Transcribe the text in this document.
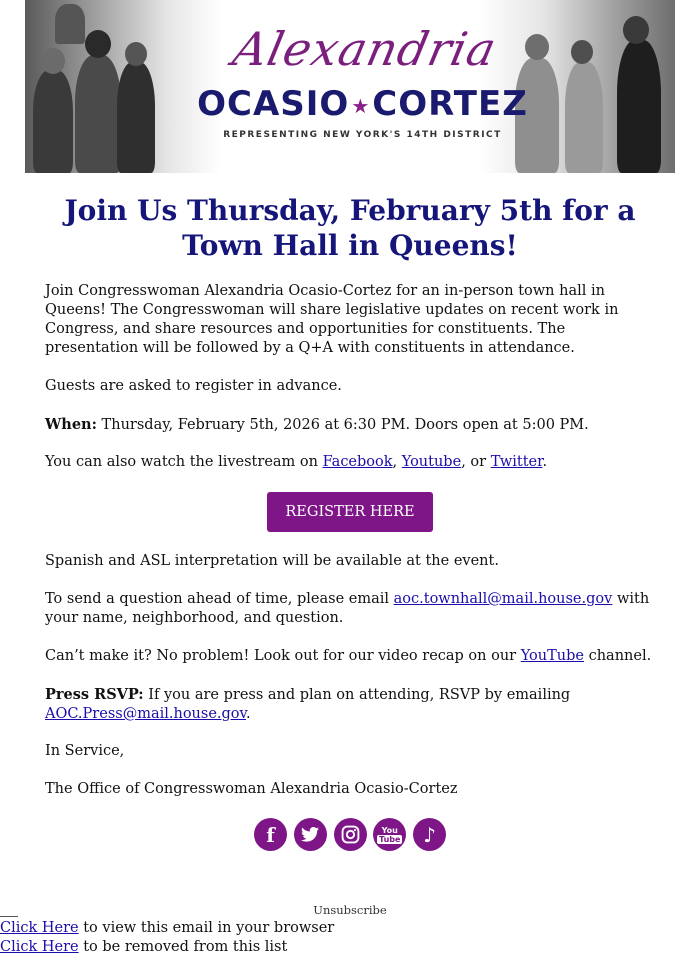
Alexandria
OCASIO ★CORTEZ
REPRESENTING NEW YORK'S 14TH DISTRICT
Join Us Thursday, February 5th for a Town Hall in Queens!

Join Congresswoman Alexandria Ocasio-Cortez for an in-person town hall in Queens! The Congresswoman will share legislative updates on recent work in Congress, and share resources and opportunities for constituents. The presentation will be followed by a Q+A with constituents in attendance.

Guests are asked to register in advance.

When: Thursday, February 5th, 2026 at 6:30 PM. Doors open at 5:00 PM.

You can also watch the livestream on Facebook, Youtube, or Twitter.

REGISTER HERE

Spanish and ASL interpretation will be available at the event.

To send a question ahead of time, please email aoc.townhall@mail.house.gov with your name, neighborhood, and question.

Can’t make it? No problem! Look out for our video recap on our YouTube channel.

Press RSVP: If you are press and plan on attending, RSVP by emailing AOC.Press@mail.house.gov.

In Service,

The Office of Congresswoman Alexandria Ocasio-Cortez

f	You
Tube ♪
Unsubscribe
Click Here to view this email in your browser
Click Here to be removed from this list
